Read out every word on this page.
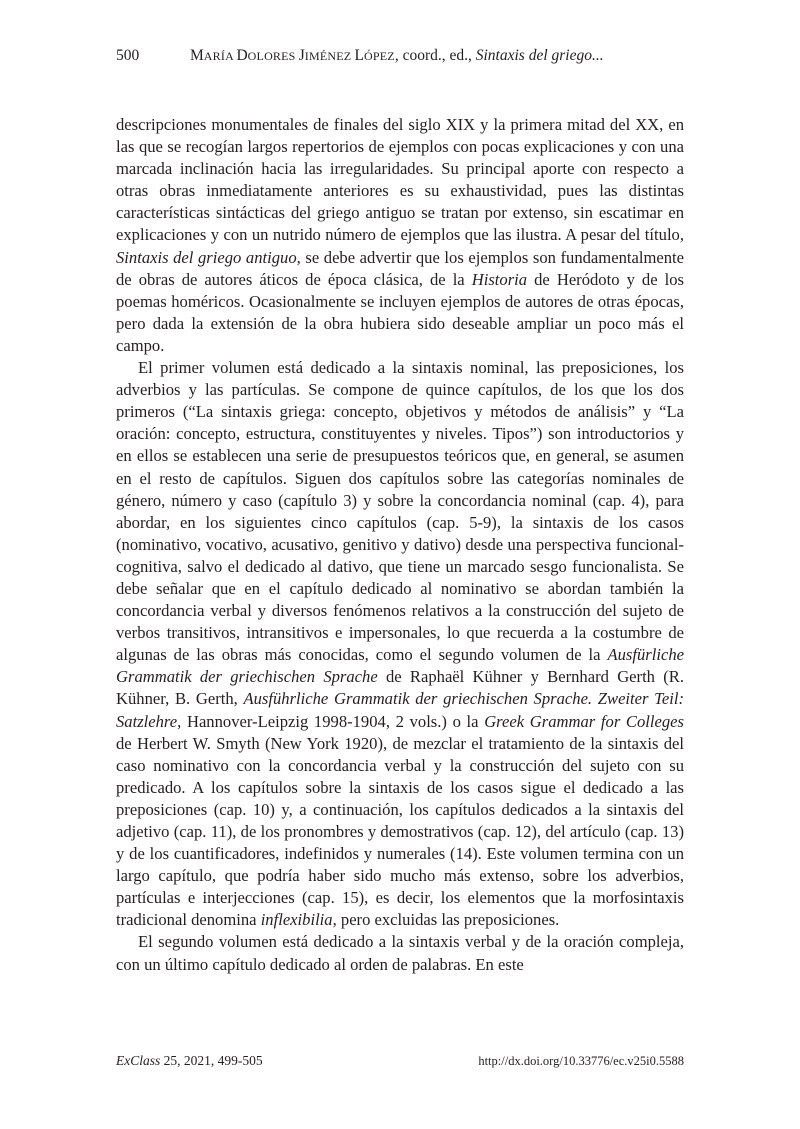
500	MARÍA DOLORES JIMÉNEZ LÓPEZ, coord., ed., Sintaxis del griego...

descripciones monumentales de finales del siglo XIX y la primera mitad del XX, en las que se recogían largos repertorios de ejemplos con pocas explicaciones y con una marcada inclinación hacia las irregularidades. Su principal aporte con respecto a otras obras inmediatamente anteriores es su exhaustividad, pues las distintas características sintácticas del griego antiguo se tratan por extenso, sin escatimar en explicaciones y con un nutrido número de ejemplos que las ilustra. A pesar del título, Sintaxis del griego antiguo, se debe advertir que los ejemplos son fundamentalmente de obras de autores áticos de época clásica, de la Historia de Heródoto y de los poemas homéricos. Ocasionalmente se incluyen ejemplos de autores de otras épocas, pero dada la extensión de la obra hubiera sido deseable ampliar un poco más el campo.

El primer volumen está dedicado a la sintaxis nominal, las preposiciones, los adverbios y las partículas. Se compone de quince capítulos, de los que los dos primeros (“La sintaxis griega: concepto, objetivos y métodos de análisis” y “La oración: concepto, estructura, constituyentes y niveles. Tipos”) son introductorios y en ellos se establecen una serie de presupuestos teóricos que, en general, se asumen en el resto de capítulos. Siguen dos capítulos sobre las categorías nominales de género, número y caso (capítulo 3) y sobre la concordancia nominal (cap. 4), para abordar, en los siguientes cinco capítulos (cap. 5-9), la sintaxis de los casos (nominativo, vocativo, acusativo, genitivo y dativo) desde una perspectiva funcional-cognitiva, salvo el dedicado al dativo, que tiene un marcado sesgo funcionalista. Se debe señalar que en el capítulo dedicado al nominativo se abordan también la concordancia verbal y diversos fenómenos relativos a la construcción del sujeto de verbos transitivos, intransitivos e impersonales, lo que recuerda a la costumbre de algunas de las obras más conocidas, como el segundo volumen de la Ausfürliche Grammatik der griechischen Sprache de Raphaël Kühner y Bernhard Gerth (R. Kühner, B. Gerth, Ausführliche Grammatik der griechischen Sprache. Zweiter Teil: Satzlehre, Hannover-Leipzig 1998-1904, 2 vols.) o la Greek Grammar for Colleges de Herbert W. Smyth (New York 1920), de mezclar el tratamiento de la sintaxis del caso nominativo con la concordancia verbal y la construcción del sujeto con su predicado. A los capítulos sobre la sintaxis de los casos sigue el dedicado a las preposiciones (cap. 10) y, a continuación, los capítulos dedicados a la sintaxis del adjetivo (cap. 11), de los pronombres y demostrativos (cap. 12), del artículo (cap. 13) y de los cuantificadores, indefinidos y numerales (14). Este volumen termina con un largo capítulo, que podría haber sido mucho más extenso, sobre los adverbios, partículas e interjecciones (cap. 15), es decir, los elementos que la morfosintaxis tradicional denomina inflexibilia, pero excluidas las preposiciones.

El segundo volumen está dedicado a la sintaxis verbal y de la oración compleja, con un último capítulo dedicado al orden de palabras. En este

ExClass 25, 2021, 499-505	http://dx.doi.org/10.33776/ec.v25i0.5588
